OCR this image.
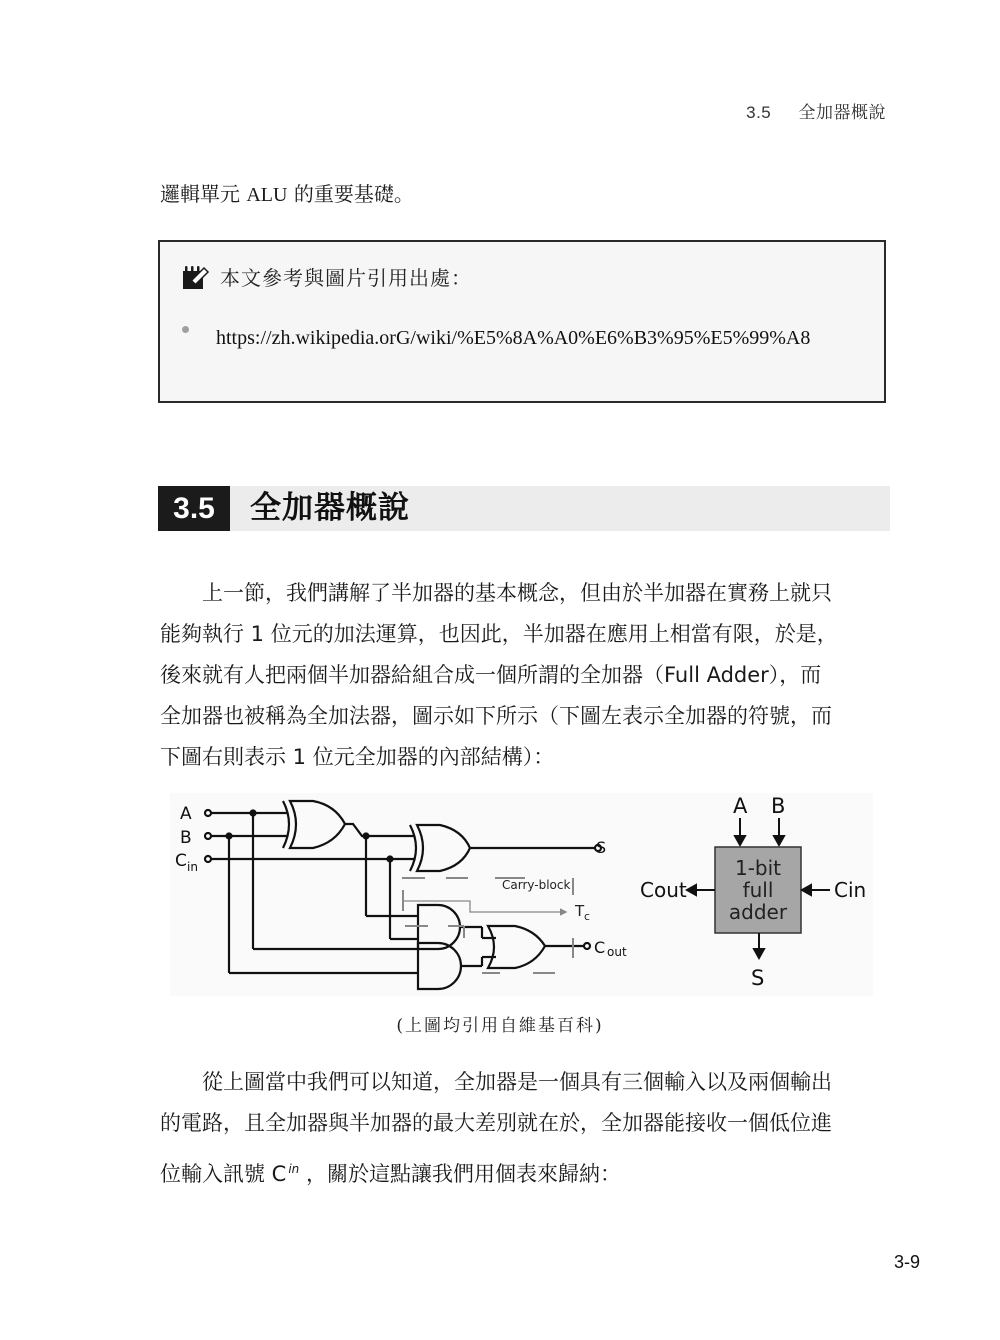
3.5 全加器概說
邏輯單元 ALU 的重要基礎。
本文參考與圖片引用出處：
https://zh.wikipedia.orG/wiki/%E5%8A%A0%E6%B3%95%E5%99%A8
3.5	全加器概說
　　上一節，我們講解了半加器的基本概念，但由於半加器在實務上就只
能夠執行 1 位元的加法運算，也因此，半加器在應用上相當有限，於是，
後來就有人把兩個半加器給組合成一個所謂的全加器（Full Adder），而
全加器也被稱為全加法器，圖示如下所示（下圖左表示全加器的符號，而
下圖右則表示 1 位元全加器的內部結構）：
A
B
C in
S
C out
Carry-block
T c
A B
1-bit
full
adder
Cout	Cin
S
(上圖均引用自維基百科)
　　從上圖當中我們可以知道，全加器是一個具有三個輸入以及兩個輸出
的電路，且全加器與半加器的最大差別就在於，全加器能接收一個低位進
位輸入訊號 C $^{in}$ ，關於這點讓我們用個表來歸納：
3-9
